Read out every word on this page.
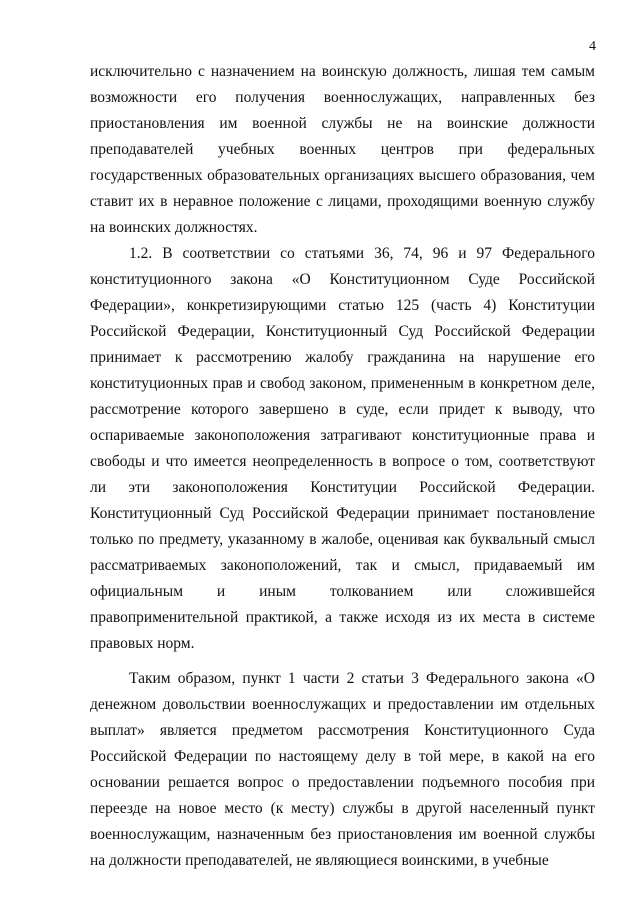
4

исключительно с назначением на воинскую должность, лишая тем самым возможности его получения военнослужащих, направленных без приостановления им военной службы не на воинские должности преподавателей учебных военных центров при федеральных государственных образовательных организациях высшего образования, чем ставит их в неравное положение с лицами, проходящими военную службу на воинских должностях.

1.2. В соответствии со статьями 36, 74, 96 и 97 Федерального конституционного закона «О Конституционном Суде Российской Федерации», конкретизирующими статью 125 (часть 4) Конституции Российской Федерации, Конституционный Суд Российской Федерации принимает к рассмотрению жалобу гражданина на нарушение его конституционных прав и свобод законом, примененным в конкретном деле, рассмотрение которого завершено в суде, если придет к выводу, что оспариваемые законоположения затрагивают конституционные права и свободы и что имеется неопределенность в вопросе о том, соответствуют ли эти законоположения Конституции Российской Федерации. Конституционный Суд Российской Федерации принимает постановление только по предмету, указанному в жалобе, оценивая как буквальный смысл рассматриваемых законоположений, так и смысл, придаваемый им официальным и иным толкованием или сложившейся правоприменительной практикой, а также исходя из их места в системе правовых норм.

Таким образом, пункт 1 части 2 статьи 3 Федерального закона «О денежном довольствии военнослужащих и предоставлении им отдельных выплат» является предметом рассмотрения Конституционного Суда Российской Федерации по настоящему делу в той мере, в какой на его основании решается вопрос о предоставлении подъемного пособия при переезде на новое место (к месту) службы в другой населенный пункт военнослужащим, назначенным без приостановления им военной службы на должности преподавателей, не являющиеся воинскими, в учебные
